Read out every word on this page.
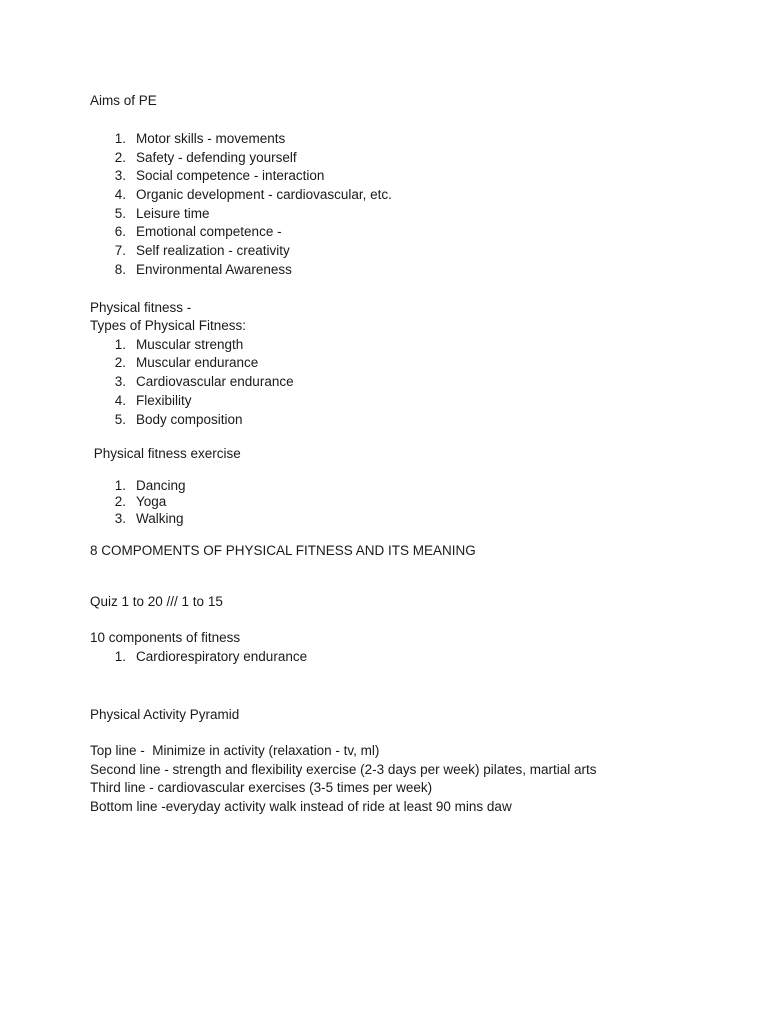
Aims of PE
1. Motor skills - movements
2. Safety - defending yourself
3. Social competence - interaction
4. Organic development - cardiovascular, etc.
5. Leisure time
6. Emotional competence -
7. Self realization - creativity
8. Environmental Awareness
Physical fitness -
Types of Physical Fitness:
1. Muscular strength
2. Muscular endurance
3. Cardiovascular endurance
4. Flexibility
5. Body composition
Physical fitness exercise
1. Dancing
2. Yoga
3. Walking
8 COMPOMENTS OF PHYSICAL FITNESS AND ITS MEANING
Quiz 1 to 20 /// 1 to 15
10 components of fitness
1. Cardiorespiratory endurance
Physical Activity Pyramid
Top line -  Minimize in activity (relaxation - tv, ml)
Second line - strength and flexibility exercise (2-3 days per week) pilates, martial arts
Third line - cardiovascular exercises (3-5 times per week)
Bottom line -everyday activity walk instead of ride at least 90 mins daw
